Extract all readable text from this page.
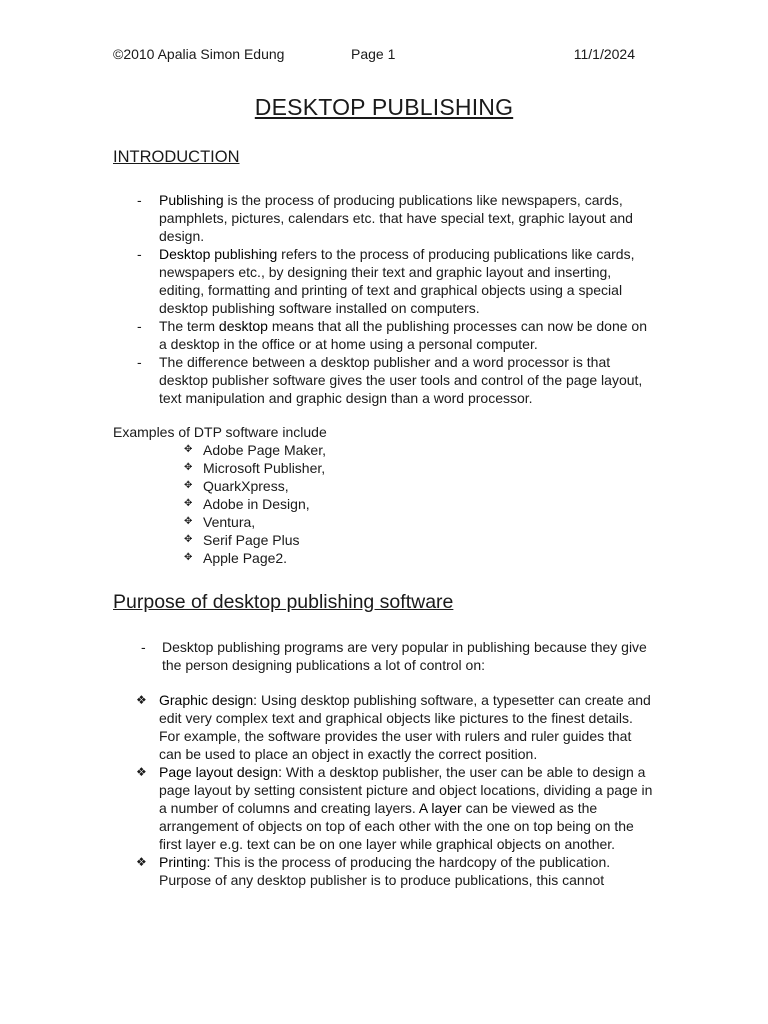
©2010 Apalia Simon Edung	Page 1	11/1/2024
DESKTOP PUBLISHING
INTRODUCTION
- Publishing is the process of producing publications like newspapers, cards, pamphlets, pictures, calendars etc. that have special text, graphic layout and design.
- Desktop publishing refers to the process of producing publications like cards, newspapers etc., by designing their text and graphic layout and inserting, editing, formatting and printing of text and graphical objects using a special desktop publishing software installed on computers.
- The term desktop means that all the publishing processes can now be done on a desktop in the office or at home using a personal computer.
- The difference between a desktop publisher and a word processor is that desktop publisher software gives the user tools and control of the page layout, text manipulation and graphic design than a word processor.
Examples of DTP software include
✥ Adobe Page Maker,
✥ Microsoft Publisher,
✥ QuarkXpress,
✥ Adobe in Design,
✥ Ventura,
✥ Serif Page Plus
✥ Apple Page2.
Purpose of desktop publishing software
- Desktop publishing programs are very popular in publishing because they give the person designing publications a lot of control on:
❖ Graphic design: Using desktop publishing software, a typesetter can create and edit very complex text and graphical objects like pictures to the finest details. For example, the software provides the user with rulers and ruler guides that can be used to place an object in exactly the correct position.
❖ Page layout design: With a desktop publisher, the user can be able to design a page layout by setting consistent picture and object locations, dividing a page in a number of columns and creating layers. A layer can be viewed as the arrangement of objects on top of each other with the one on top being on the first layer e.g. text can be on one layer while graphical objects on another.
❖ Printing: This is the process of producing the hardcopy of the publication. Purpose of any desktop publisher is to produce publications, this cannot
